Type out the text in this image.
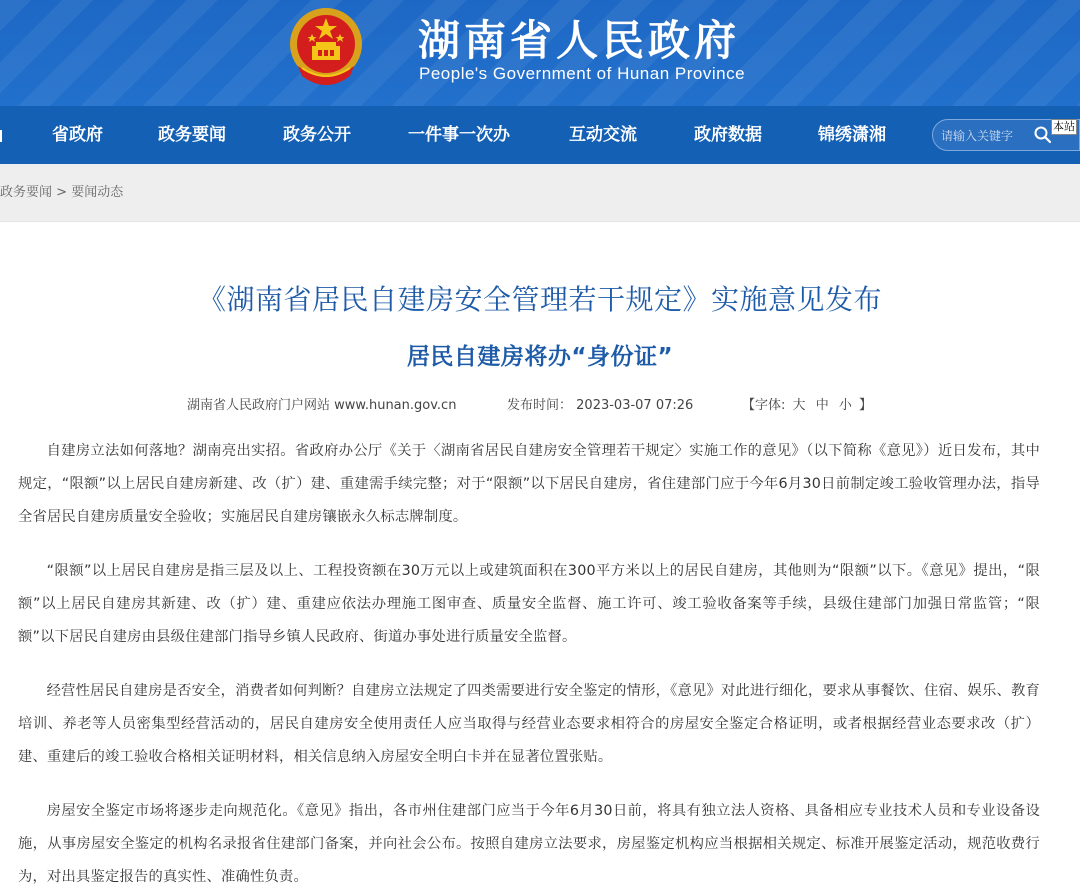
湖南省人民政府
People's Government of Hunan Province
省政府	政务要闻	政务公开	一件事一次办	互动交流	政府数据	锦绣潇湘
请输入关键字	本站
政务要闻 > 要闻动态
《湖南省居民自建房安全管理若干规定》实施意见发布
居民自建房将办“身份证”
湖南省人民政府门户网站 www.hunan.gov.cn	发布时间： 2023-03-07 07:26	【字体: 大 中 小 】

自建房立法如何落地？湖南亮出实招。省政府办公厅《关于〈湖南省居民自建房安全管理若干规定〉实施工作的意见》（以下简称《意见》）近日发布，其中规定，“限额”以上居民自建房新建、改（扩）建、重建需手续完整；对于“限额”以下居民自建房，省住建部门应于今年6月30日前制定竣工验收管理办法，指导全省居民自建房质量安全验收；实施居民自建房镶嵌永久标志牌制度。

“限额”以上居民自建房是指三层及以上、工程投资额在30万元以上或建筑面积在300平方米以上的居民自建房，其他则为“限额”以下。《意见》提出，“限额”以上居民自建房其新建、改（扩）建、重建应依法办理施工图审查、质量安全监督、施工许可、竣工验收备案等手续，县级住建部门加强日常监管；“限额”以下居民自建房由县级住建部门指导乡镇人民政府、街道办事处进行质量安全监督。

经营性居民自建房是否安全，消费者如何判断？自建房立法规定了四类需要进行安全鉴定的情形，《意见》对此进行细化，要求从事餐饮、住宿、娱乐、教育培训、养老等人员密集型经营活动的，居民自建房安全使用责任人应当取得与经营业态要求相符合的房屋安全鉴定合格证明，或者根据经营业态要求改（扩）建、重建后的竣工验收合格相关证明材料，相关信息纳入房屋安全明白卡并在显著位置张贴。

房屋安全鉴定市场将逐步走向规范化。《意见》指出，各市州住建部门应当于今年6月30日前，将具有独立法人资格、具备相应专业技术人员和专业设备设施，从事房屋安全鉴定的机构名录报省住建部门备案，并向社会公布。按照自建房立法要求，房屋鉴定机构应当根据相关规定、标准开展鉴定活动，规范收费行为，对出具鉴定报告的真实性、准确性负责。
